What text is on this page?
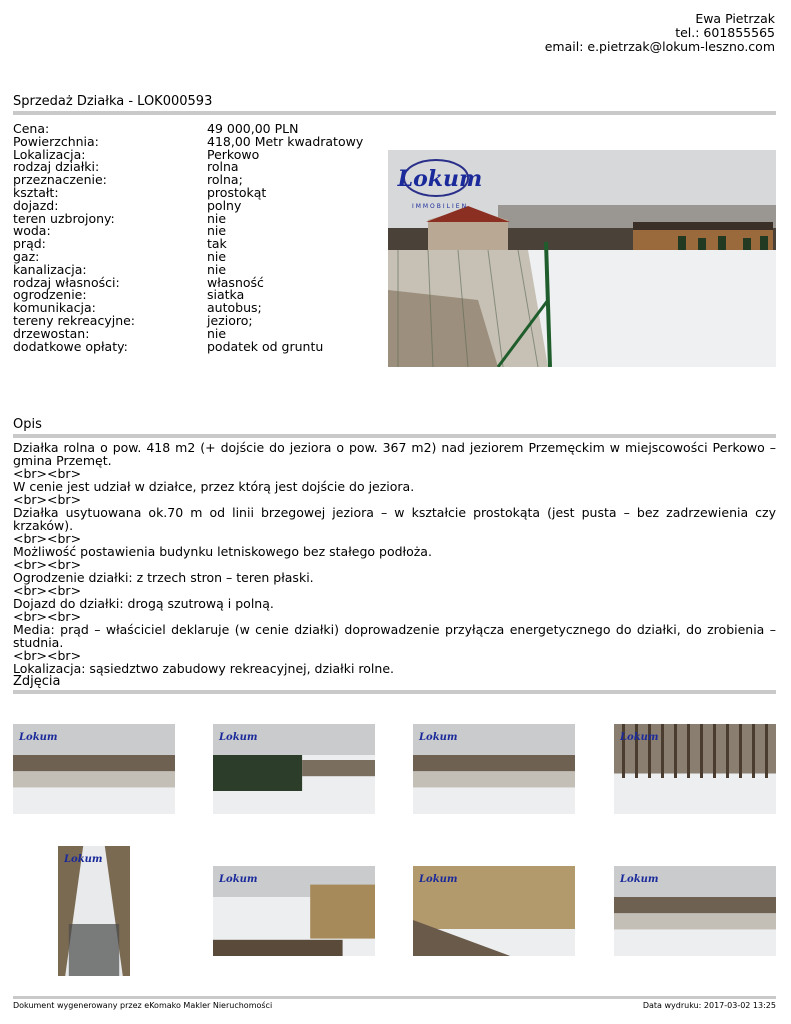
Ewa Pietrzak
tel.: 601855565
email: e.pietrzak@lokum-leszno.com
Sprzedaż Działka - LOK000593
Cena:	49 000,00 PLN
Powierzchnia:	418,00 Metr kwadratowy
Lokalizacja:	Perkowo
rodzaj działki:	rolna
przeznaczenie:	rolna;
kształt:	prostokąt
dojazd:	polny
teren uzbrojony:	nie
woda:	nie
prąd:	tak
gaz:	nie
kanalizacja:	nie
rodzaj własności:	własność
ogrodzenie:	siatka
komunikacja:	autobus;
tereny rekreacyjne:	jezioro;
drzewostan:	nie
dodatkowe opłaty:	podatek od gruntu
Lokum
IMMOBILIEN
Opis
Działka rolna o pow. 418 m2 (+ dojście do jeziora o pow. 367 m2) nad jeziorem Przemęckim w miejscowości Perkowo – gmina Przemęt.
<br><br>
W cenie jest udział w działce, przez którą jest dojście do jeziora.
<br><br>
Działka usytuowana ok.70 m od linii brzegowej jeziora – w kształcie prostokąta (jest pusta – bez zadrzewienia czy krzaków).
<br><br>
Możliwość postawienia budynku letniskowego bez stałego podłoża.
<br><br>
Ogrodzenie działki: z trzech stron – teren płaski.
<br><br>
Dojazd do działki: drogą szutrową i polną.
<br><br>
Media: prąd – właściciel deklaruje (w cenie działki) doprowadzenie przyłącza energetycznego do działki, do zrobienia – studnia.
<br><br>
Lokalizacja: sąsiedztwo zabudowy rekreacyjnej, działki rolne.
Zdjęcia
Lokum	Lokum	Lokum	Lokum
Lokum
Lokum	Lokum	Lokum
Dokument wygenerowany przez eKomako Makler Nieruchomości	Data wydruku: 2017-03-02 13:25
